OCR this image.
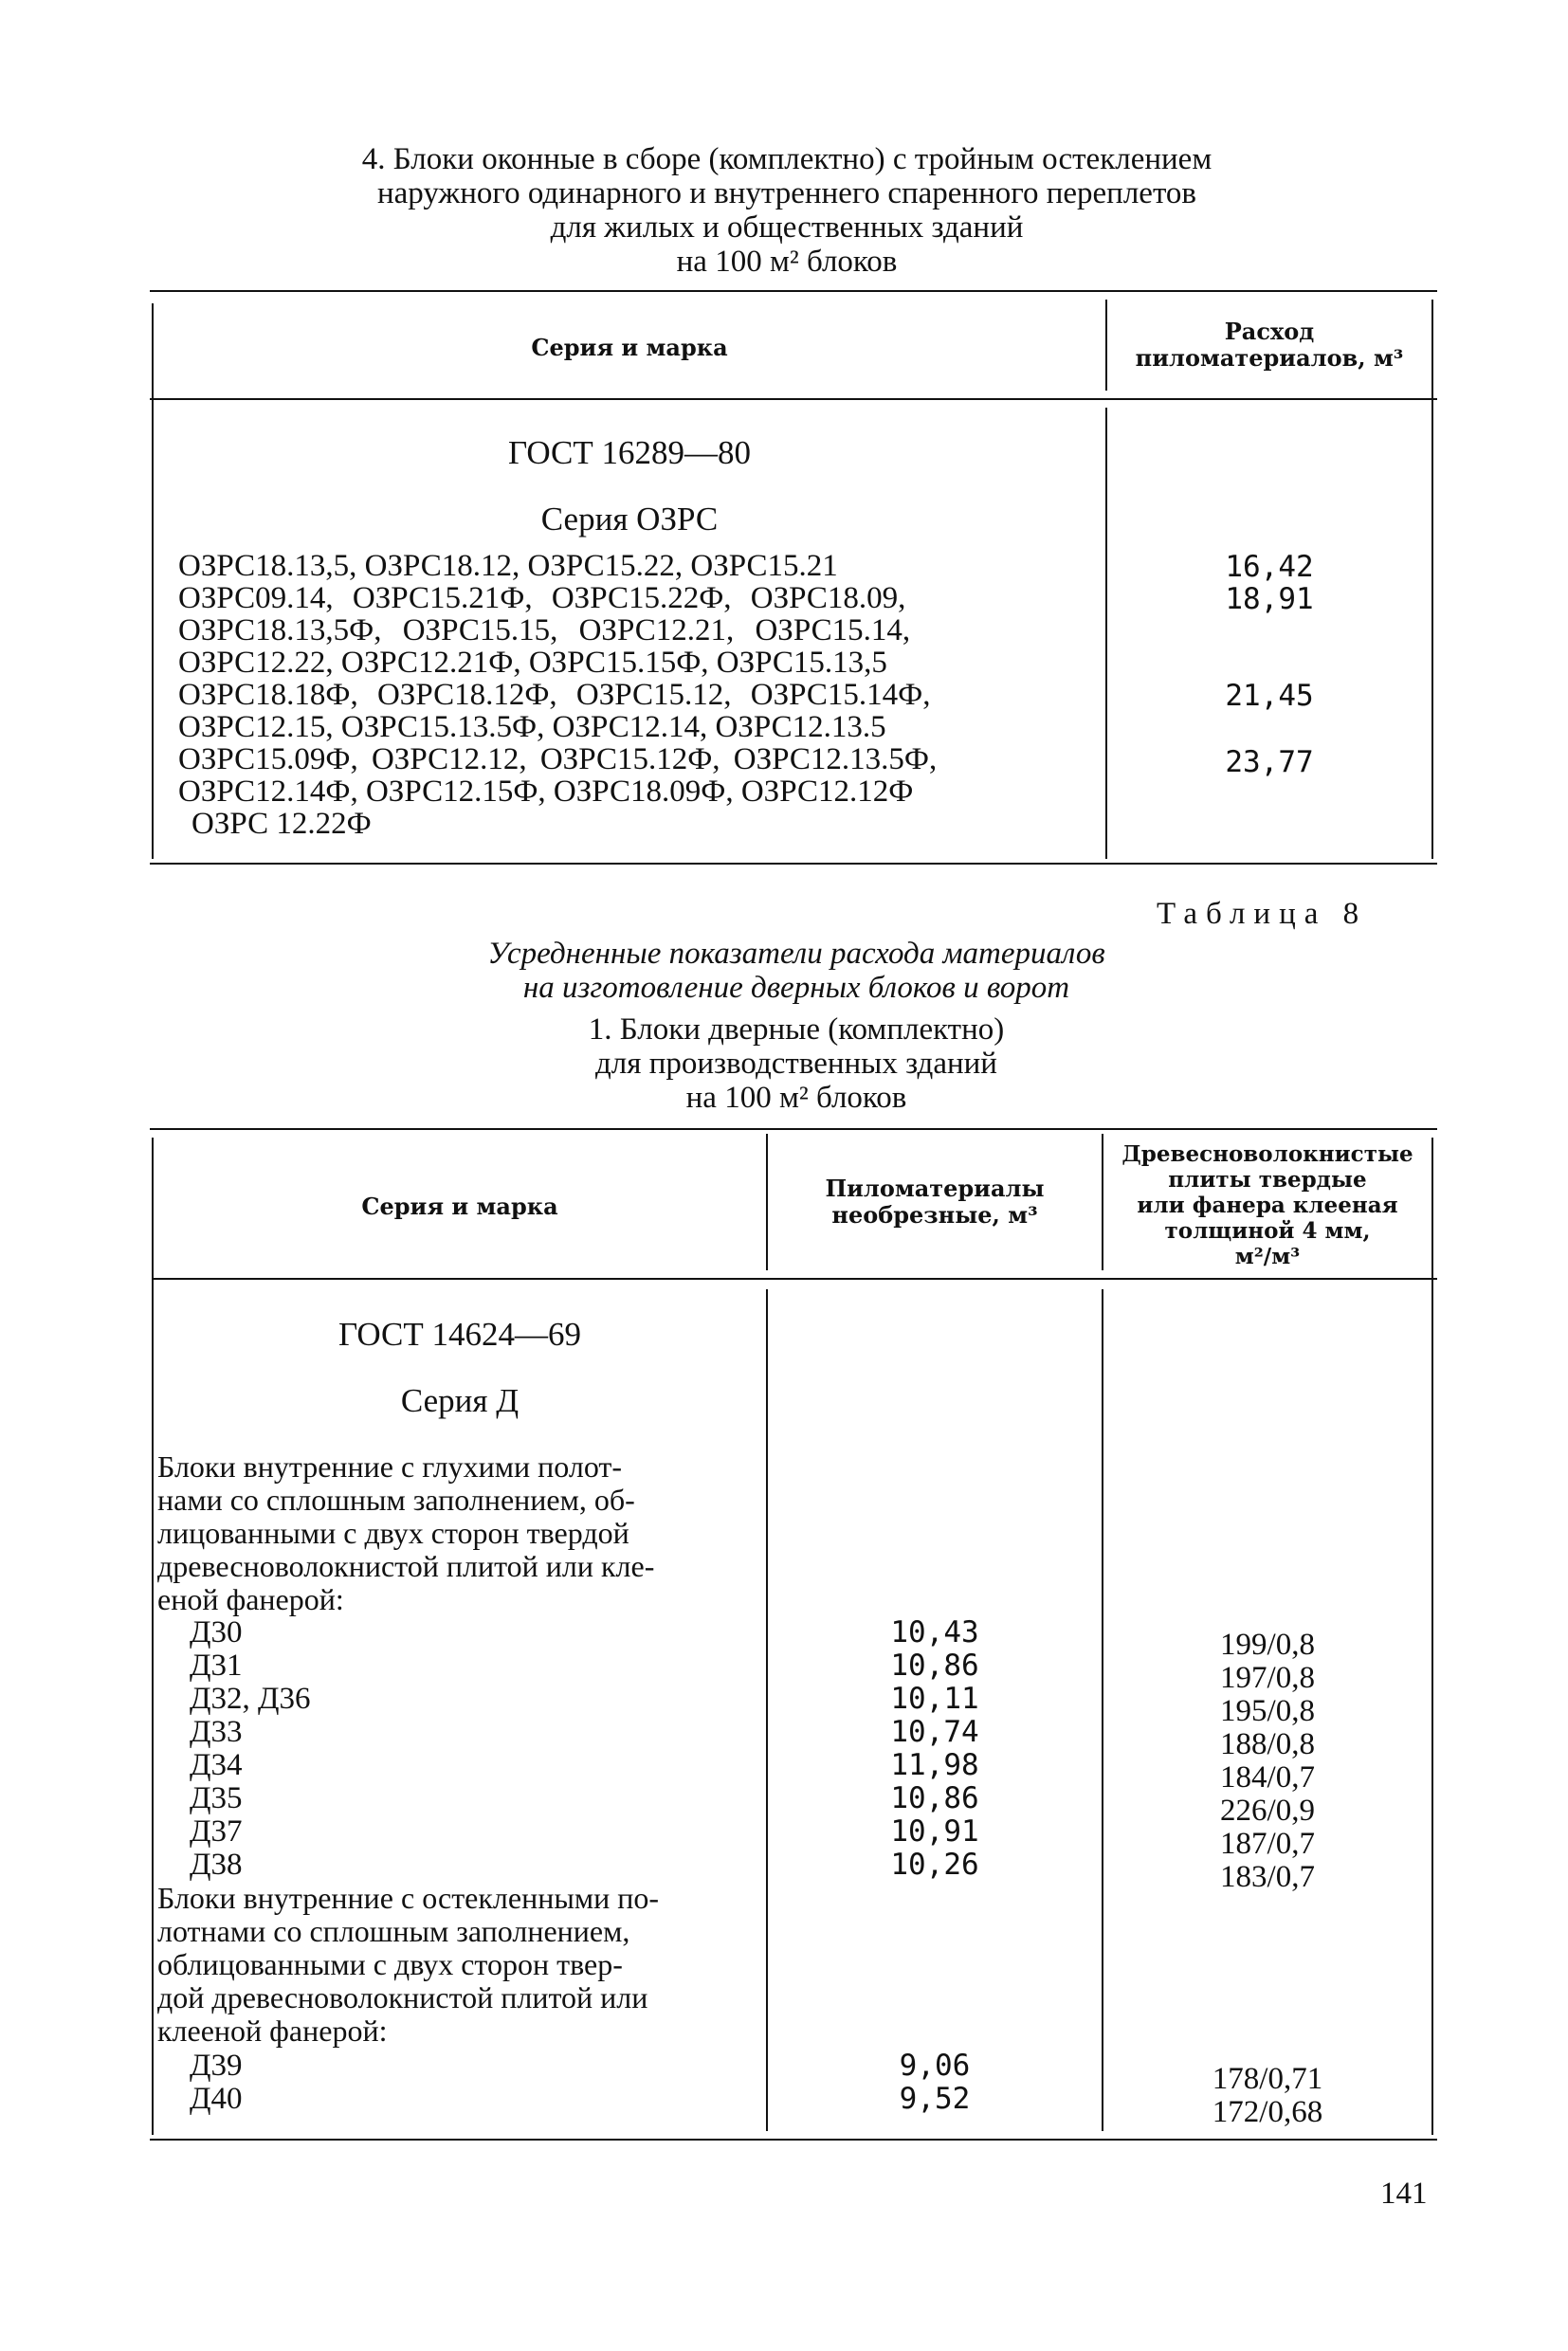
4. Блоки оконные в сборе (комплектно) с тройным остеклением
наружного одинарного и внутреннего спаренного переплетов
для жилых и общественных зданий
на 100 м² блоков
Серия и марка
Расход
пиломатериалов, м³
ГОСТ 16289—80
Серия ОЗРС
ОЗРС18.13,5, ОЗРС18.12, ОЗРС15.22, ОЗРС15.21
ОЗРС09.14, ОЗРС15.21Ф, ОЗРС15.22Ф, ОЗРС18.09,
ОЗРС18.13,5Ф, ОЗРС15.15, ОЗРС12.21, ОЗРС15.14,
ОЗРС12.22, ОЗРС12.21Ф, ОЗРС15.15Ф, ОЗРС15.13,5
ОЗРС18.18Ф, ОЗРС18.12Ф, ОЗРС15.12, ОЗРС15.14Ф,
ОЗРС12.15, ОЗРС15.13.5Ф, ОЗРС12.14, ОЗРС12.13.5
ОЗРС15.09Ф, ОЗРС12.12, ОЗРС15.12Ф, ОЗРС12.13.5Ф,
ОЗРС12.14Ф, ОЗРС12.15Ф, ОЗРС18.09Ф, ОЗРС12.12Ф
ОЗРС 12.22Ф
16,42
18,91
21,45
23,77
Таблица 8
Усредненные показатели расхода материалов
на изготовление дверных блоков и ворот
1. Блоки дверные (комплектно)
для производственных зданий
на 100 м² блоков
Серия и марка
Пиломатериалы
необрезные, м³
Древесноволокнистые
плиты твердые
или фанера клееная
толщиной 4 мм,
м²/м³
ГОСТ 14624—69
Серия Д
Блоки внутренние с глухими полот-
нами со сплошным заполнением, об-
лицованными с двух сторон твердой
древесноволокнистой плитой или кле-
еной фанерой:
Д30
Д31
Д32, Д36
Д33
Д34
Д35
Д37
Д38
10,43
10,86
10,11
10,74
11,98
10,86
10,91
10,26
199/0,8
197/0,8
195/0,8
188/0,8
184/0,7
226/0,9
187/0,7
183/0,7
Блоки внутренние с остекленными по-
лотнами со сплошным заполнением,
облицованными с двух сторон твер-
дой древесноволокнистой плитой или
клееной фанерой:
Д39
Д40
9,06
9,52
178/0,71
172/0,68
141
